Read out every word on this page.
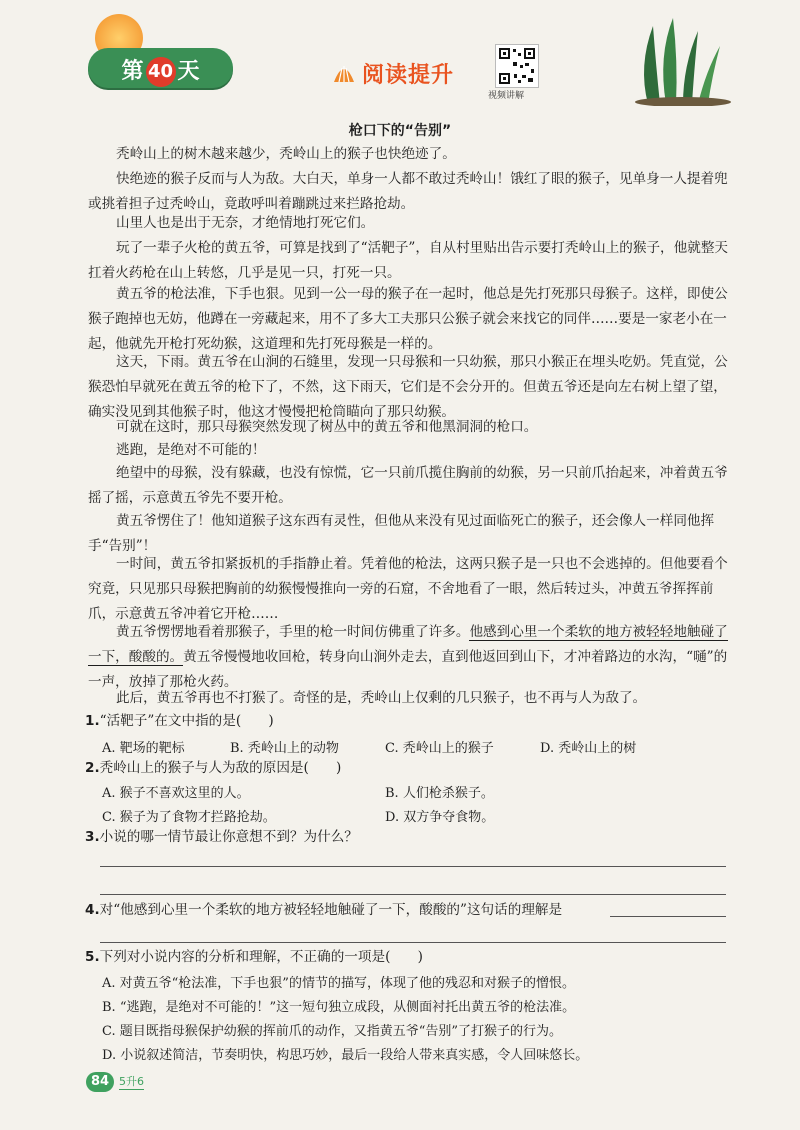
第 40 天	阅读提升
视频讲解
枪口下的“告别”

秃岭山上的树木越来越少，秃岭山上的猴子也快绝迹了。

快绝迹的猴子反而与人为敌。大白天，单身一人都不敢过秃岭山！饿红了眼的猴子，见单身一人提着兜或挑着担子过秃岭山，竟敢呼叫着蹦跳过来拦路抢劫。

山里人也是出于无奈，才绝情地打死它们。

玩了一辈子火枪的黄五爷，可算是找到了“活靶子”，自从村里贴出告示要打秃岭山上的猴子，他就整天扛着火药枪在山上转悠，几乎是见一只，打死一只。

黄五爷的枪法准，下手也狠。见到一公一母的猴子在一起时，他总是先打死那只母猴子。这样，即使公猴子跑掉也无妨，他蹲在一旁藏起来，用不了多大工夫那只公猴子就会来找它的同伴……要是一家老小在一起，他就先开枪打死幼猴，这道理和先打死母猴是一样的。

这天，下雨。黄五爷在山涧的石缝里，发现一只母猴和一只幼猴，那只小猴正在埋头吃奶。凭直觉，公猴恐怕早就死在黄五爷的枪下了，不然，这下雨天，它们是不会分开的。但黄五爷还是向左右树上望了望，确实没见到其他猴子时，他这才慢慢把枪筒瞄向了那只幼猴。

可就在这时，那只母猴突然发现了树丛中的黄五爷和他黑洞洞的枪口。

逃跑，是绝对不可能的！

绝望中的母猴，没有躲藏，也没有惊慌，它一只前爪揽住胸前的幼猴，另一只前爪抬起来，冲着黄五爷摇了摇，示意黄五爷先不要开枪。

黄五爷愣住了！他知道猴子这东西有灵性，但他从来没有见过面临死亡的猴子，还会像人一样同他挥手“告别”！

一时间，黄五爷扣紧扳机的手指静止着。凭着他的枪法，这两只猴子是一只也不会逃掉的。但他要看个究竟，只见那只母猴把胸前的幼猴慢慢推向一旁的石窟，不舍地看了一眼，然后转过头，冲黄五爷挥挥前爪，示意黄五爷冲着它开枪……

黄五爷愣愣地看着那猴子，手里的枪一时间仿佛重了许多。他感到心里一个柔软的地方被轻轻地触碰了一下，酸酸的。黄五爷慢慢地收回枪，转身向山涧外走去，直到他返回到山下，才冲着路边的水沟，“嗵”的一声，放掉了那枪火药。

此后，黄五爷再也不打猴了。奇怪的是，秃岭山上仅剩的几只猴子，也不再与人为敌了。

1.“活靶子”在文中指的是(　　)
A. 靶场的靶标	B. 秃岭山上的动物	C. 秃岭山上的猴子	D. 秃岭山上的树
2.秃岭山上的猴子与人为敌的原因是(　　)
A. 猴子不喜欢这里的人。	B. 人们枪杀猴子。
C. 猴子为了食物才拦路抢劫。	D. 双方争夺食物。
3.小说的哪一情节最让你意想不到？为什么？
4.对“他感到心里一个柔软的地方被轻轻地触碰了一下，酸酸的”这句话的理解是
5.下列对小说内容的分析和理解，不正确的一项是(　　)
A. 对黄五爷“枪法准，下手也狠”的情节的描写，体现了他的残忍和对猴子的憎恨。
B. “逃跑，是绝对不可能的！”这一短句独立成段，从侧面衬托出黄五爷的枪法准。
C. 题目既指母猴保护幼猴的挥前爪的动作，又指黄五爷“告别”了打猴子的行为。
D. 小说叙述简洁，节奏明快，构思巧妙，最后一段给人带来真实感，令人回味悠长。
84 5升6
